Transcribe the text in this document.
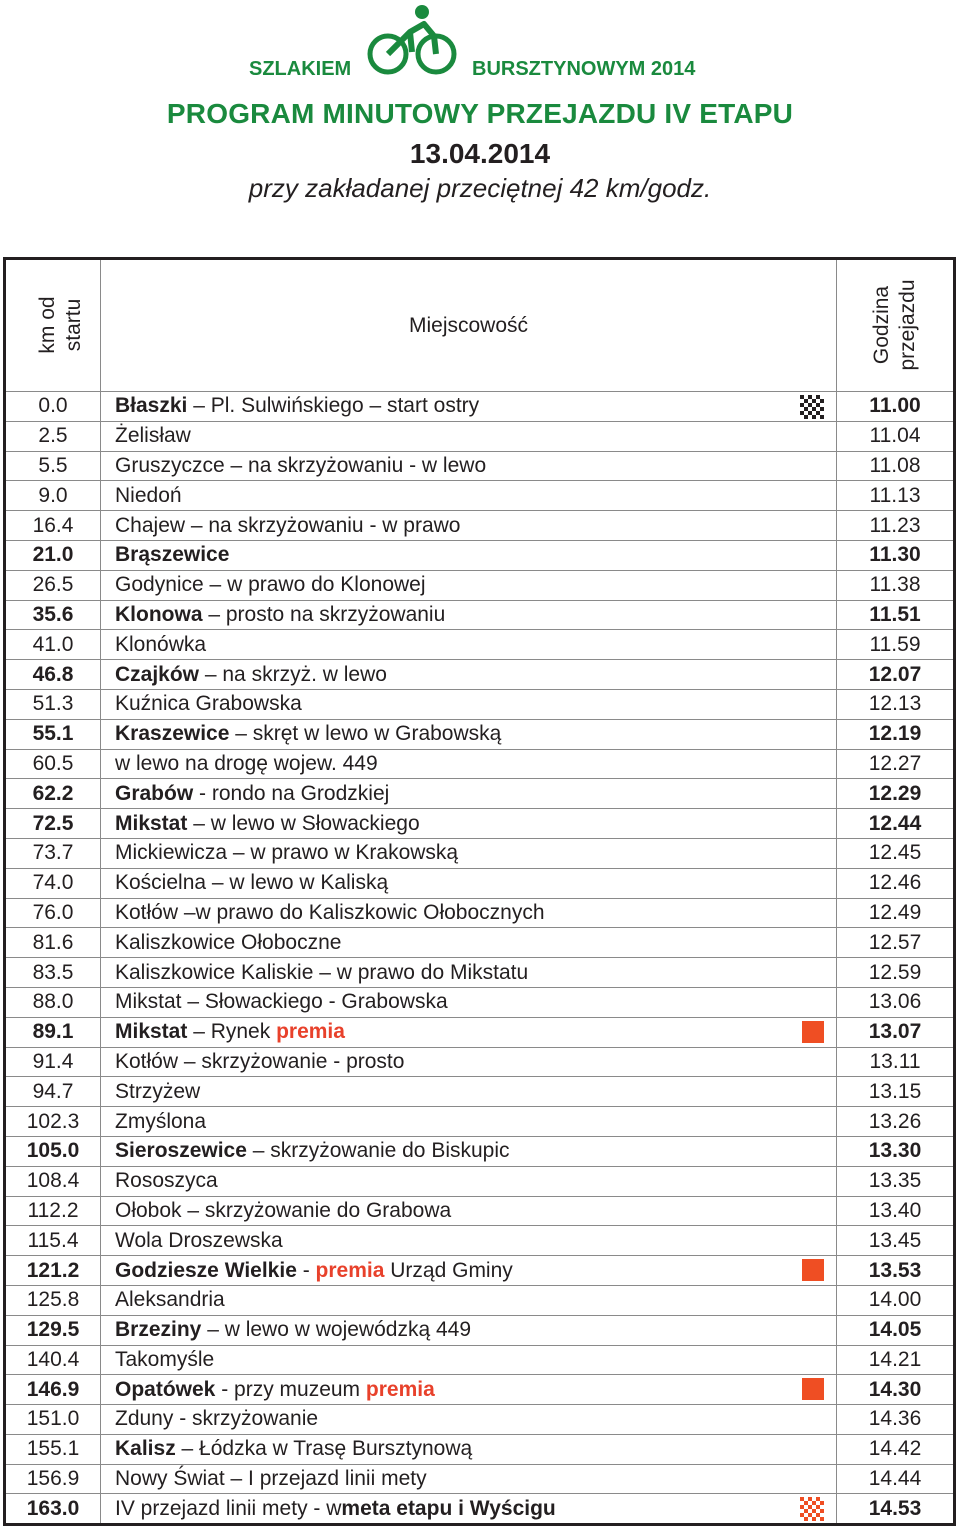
SZLAKIEM	BURSZTYNOWYM 2014
PROGRAM MINUTOWY PRZEJAZDU IV ETAPU
13.04.2014
przy zakładanej przeciętnej 42 km/godz.
km od startu	Miejscowość	Godzina przejazdu
0.0	Błaszki – Pl. Sulwińskiego – start ostry	11.00
2.5	Żelisław	11.04
5.5	Gruszyczce – na skrzyżowaniu - w lewo	11.08
9.0	Niedoń	11.13
16.4	Chajew – na skrzyżowaniu - w prawo	11.23
21.0	Brąszewice	11.30
26.5	Godynice – w prawo do Klonowej	11.38
35.6	Klonowa – prosto na skrzyżowaniu	11.51
41.0	Klonówka	11.59
46.8	Czajków – na skrzyż. w lewo	12.07
51.3	Kuźnica Grabowska	12.13
55.1	Kraszewice – skręt w lewo w Grabowską	12.19
60.5	w lewo na drogę wojew. 449	12.27
62.2	Grabów - rondo na Grodzkiej	12.29
72.5	Mikstat – w lewo w Słowackiego	12.44
73.7	Mickiewicza – w prawo w Krakowską	12.45
74.0	Kościelna – w lewo w Kaliską	12.46
76.0	Kotłów –w prawo do Kaliszkowic Ołobocznych	12.49
81.6	Kaliszkowice Ołoboczne	12.57
83.5	Kaliszkowice Kaliskie – w prawo do Mikstatu	12.59
88.0	Mikstat – Słowackiego - Grabowska	13.06
89.1	Mikstat – Rynek premia	13.07
91.4	Kotłów – skrzyżowanie - prosto	13.11
94.7	Strzyżew	13.15
102.3	Zmyślona	13.26
105.0	Sieroszewice – skrzyżowanie do Biskupic	13.30
108.4	Rososzyca	13.35
112.2	Ołobok – skrzyżowanie do Grabowa	13.40
115.4	Wola Droszewska	13.45
121.2	Godziesze Wielkie - premia Urząd Gminy	13.53
125.8	Aleksandria	14.00
129.5	Brzeziny – w lewo w wojewódzką 449	14.05
140.4	Takomyśle	14.21
146.9	Opatówek - przy muzeum premia	14.30
151.0	Zduny - skrzyżowanie	14.36
155.1	Kalisz – Łódzka w Trasę Bursztynową	14.42
156.9	Nowy Świat – I przejazd linii mety	14.44
163.0	IV przejazd linii mety - wmeta etapu i Wyścigu	14.53
